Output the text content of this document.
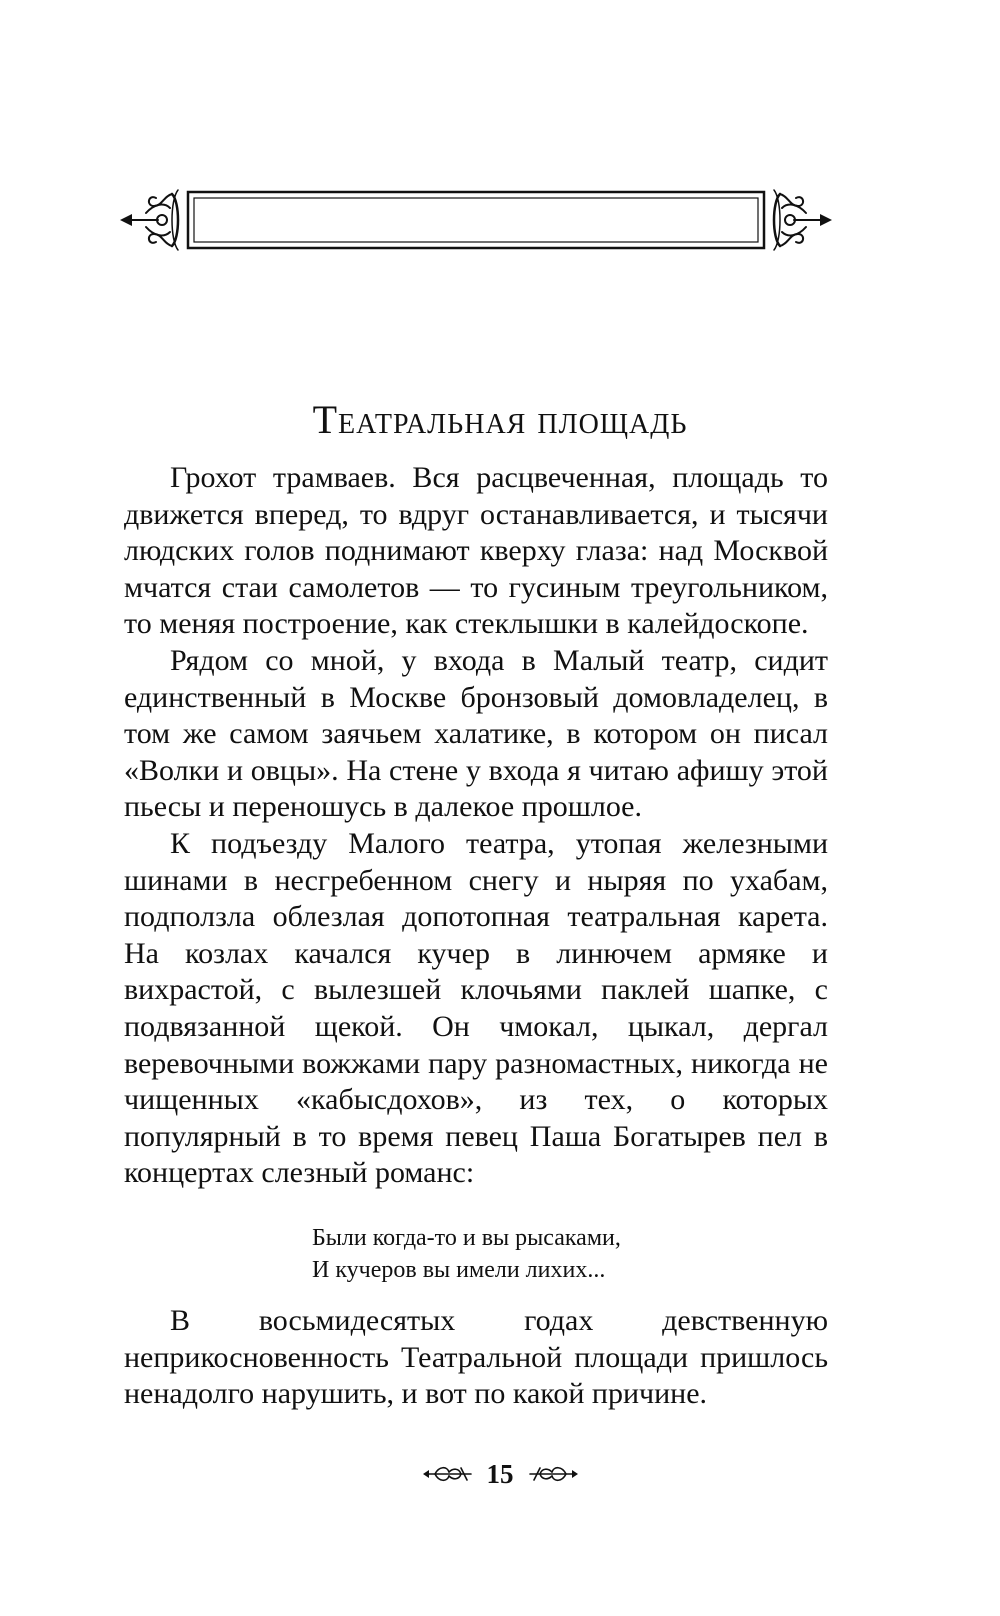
Театральная площадь

Грохот трамваев. Вся расцвеченная, площадь то движется вперед, то вдруг останавливается, и тысячи людских голов поднимают кверху глаза: над Москвой мчатся стаи самолетов — то гусиным треугольником, то меняя построение, как стеклышки в калейдоскопе.

Рядом со мной, у входа в Малый театр, сидит единственный в Москве бронзовый домовладелец, в том же самом заячьем халатике, в котором он писал «Волки и овцы». На стене у входа я читаю афишу этой пьесы и переношусь в далекое прошлое.

К подъезду Малого театра, утопая железными шинами в несгребенном снегу и ныряя по ухабам, подползла облезлая допотопная театральная карета. На козлах качался кучер в линючем армяке и вихрастой, с вылезшей клочьями паклей шапке, с подвязанной щекой. Он чмокал, цыкал, дергал веревочными вожжами пару разномастных, никогда не чищенных «кабысдохов», из тех, о которых популярный в то время певец Паша Богатырев пел в концертах слезный романс:

Были когда-то и вы рысаками,
И кучеров вы имели лихих...

В восьмидесятых годах девственную неприкосновенность Театральной площади пришлось ненадолго нарушить, и вот по какой причине.

15
